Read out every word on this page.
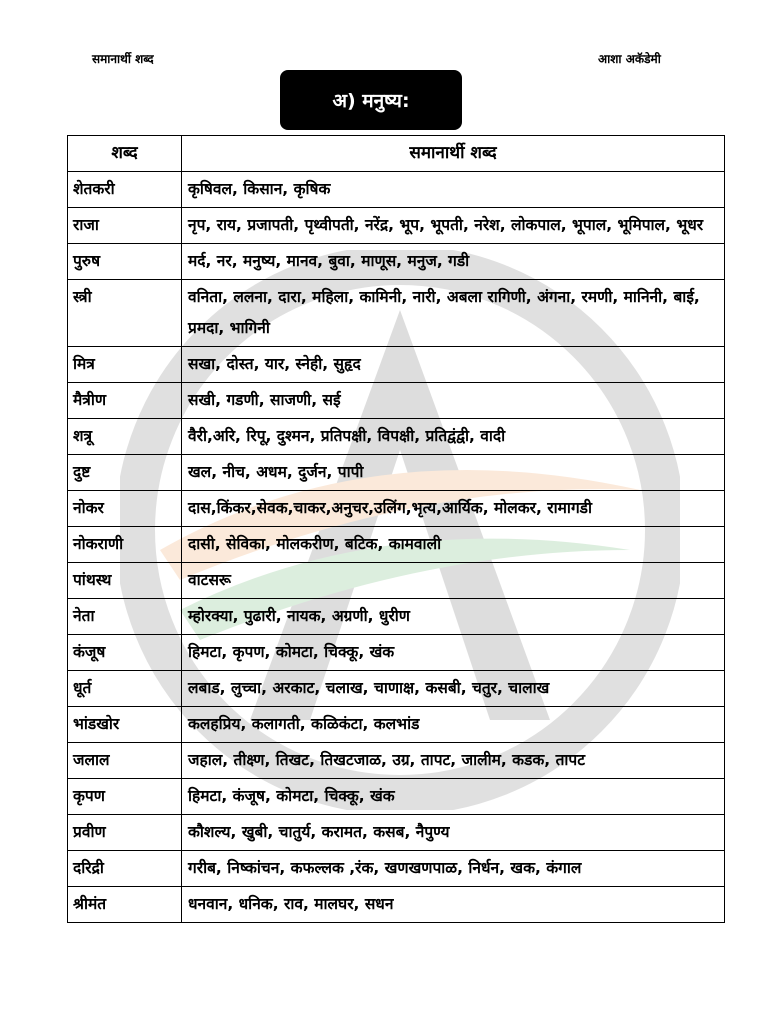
समानार्थी शब्द	आशा अकॅडेमी
अ) मनुष्य:
शब्द	समानार्थी शब्द
शेतकरी	कृषिवल, किसान, कृषिक
राजा	नृप, राय, प्रजापती, पृथ्वीपती, नरेंद्र, भूप, भूपती, नरेश, लोकपाल, भूपाल, भूमिपाल, भूधर
पुरुष	मर्द, नर, मनुष्य, मानव, बुवा, माणूस, मनुज, गडी
स्त्री	वनिता, ललना, दारा, महिला, कामिनी, नारी, अबला रागिणी, अंगना, रमणी, मानिनी, बाई, प्रमदा, भागिनी
मित्र	सखा, दोस्त, यार, स्नेही, सुहृद
मैत्रीण	सखी, गडणी, साजणी, सई
शत्रू	वैरी,अरि, रिपू, दुश्मन, प्रतिपक्षी, विपक्षी, प्रतिद्वंद्वी, वादी
दुष्ट	खल, नीच, अधम, दुर्जन, पापी
नोकर	दास,किंकर,सेवक,चाकर,अनुचर,उलिंग,भृत्य,आर्यिक, मोलकर, रामागडी
नोकराणी	दासी, सेविका, मोलकरीण, बटिक, कामवाली
पांथस्थ	वाटसरू
नेता	म्होरक्या, पुढारी, नायक, अग्रणी, धुरीण
कंजूष	हिमटा, कृपण, कोमटा, चिक्कू, खंक
धूर्त	लबाड, लुच्चा, अरकाट, चलाख, चाणाक्ष, कसबी, चतुर, चालाख
भांडखोर	कलहप्रिय, कलागती, कळिकंटा, कलभांड
जलाल	जहाल, तीक्ष्ण, तिखट, तिखटजाळ, उग्र, तापट, जालीम, कडक, तापट
कृपण	हिमटा, कंजूष, कोमटा, चिक्कू, खंक
प्रवीण	कौशल्य, खुबी, चातुर्य, करामत, कसब, नैपुण्य
दरिद्री	गरीब, निष्कांचन, कफल्लक ,रंक, खणखणपाळ, निर्धन, खक, कंगाल
श्रीमंत	धनवान, धनिक, राव, मालघर, सधन
